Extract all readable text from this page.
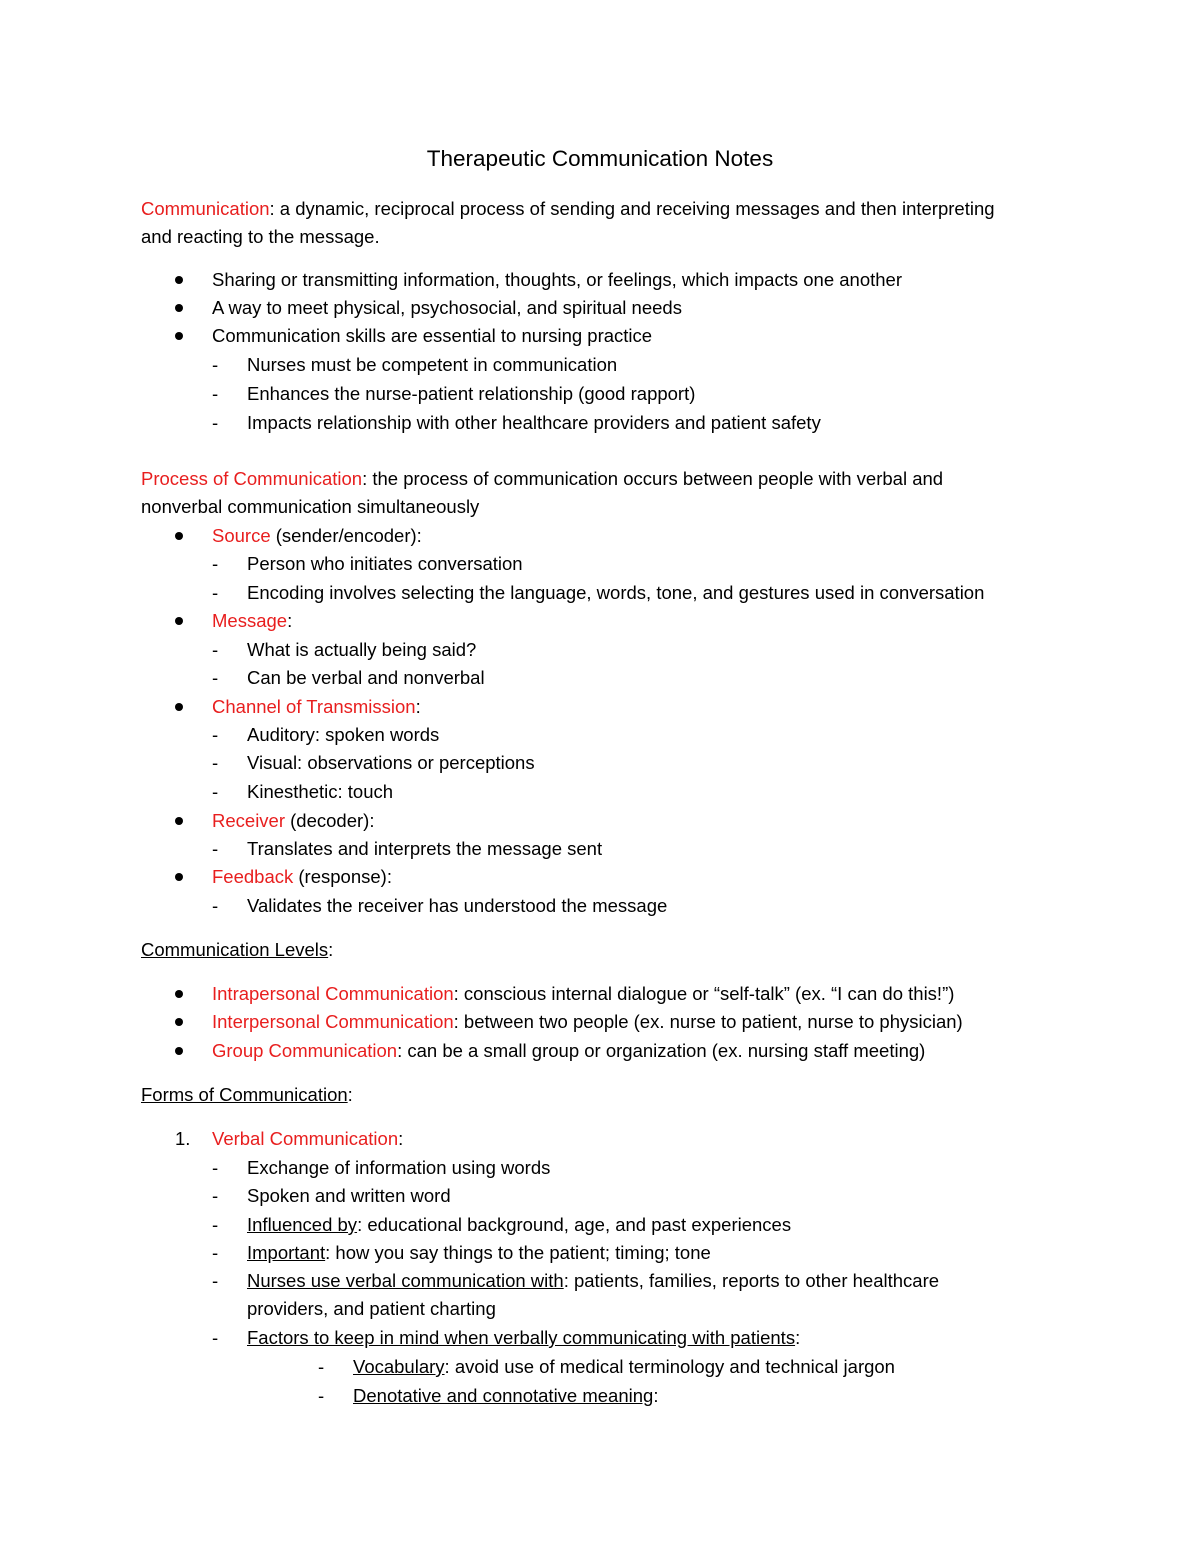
Therapeutic Communication Notes
Communication: a dynamic, reciprocal process of sending and receiving messages and then interpreting
and reacting to the message.
Sharing or transmitting information, thoughts, or feelings, which impacts one another
A way to meet physical, psychosocial, and spiritual needs
Communication skills are essential to nursing practice
- Nurses must be competent in communication
- Enhances the nurse-patient relationship (good rapport)
- Impacts relationship with other healthcare providers and patient safety
Process of Communication: the process of communication occurs between people with verbal and
nonverbal communication simultaneously
Source (sender/encoder):
- Person who initiates conversation
- Encoding involves selecting the language, words, tone, and gestures used in conversation
Message:
- What is actually being said?
- Can be verbal and nonverbal
Channel of Transmission:
- Auditory: spoken words
- Visual: observations or perceptions
- Kinesthetic: touch
Receiver (decoder):
- Translates and interprets the message sent
Feedback (response):
- Validates the receiver has understood the message
Communication Levels:
Intrapersonal Communication: conscious internal dialogue or “self-talk” (ex. “I can do this!”)
Interpersonal Communication: between two people (ex. nurse to patient, nurse to physician)
Group Communication: can be a small group or organization (ex. nursing staff meeting)
Forms of Communication:
1. Verbal Communication:
- Exchange of information using words
- Spoken and written word
- Influenced by: educational background, age, and past experiences
- Important: how you say things to the patient; timing; tone
- Nurses use verbal communication with: patients, families, reports to other healthcare
providers, and patient charting
- Factors to keep in mind when verbally communicating with patients:
- Vocabulary: avoid use of medical terminology and technical jargon
- Denotative and connotative meaning:
